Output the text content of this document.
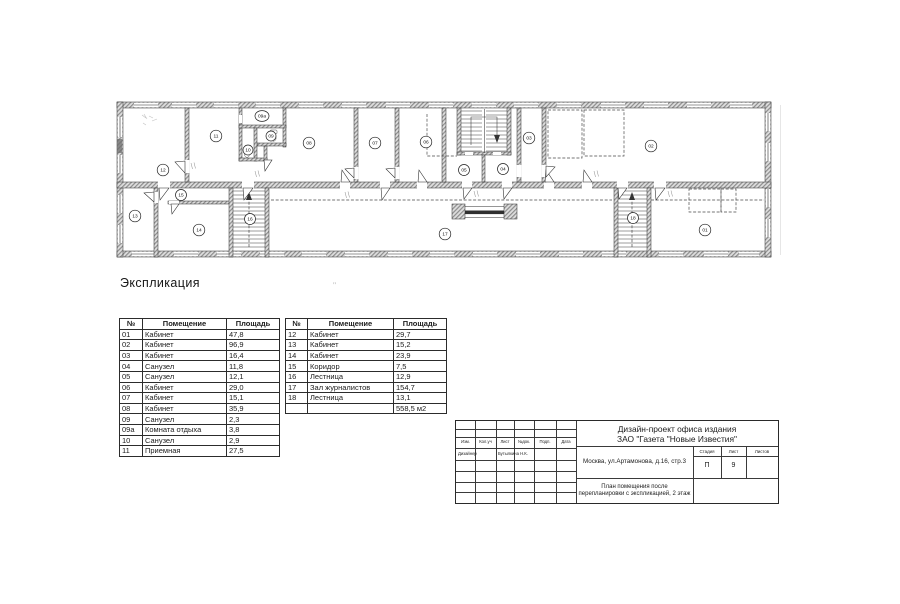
12
11
09а
09
10
08	07	06
05	04
03
02
13
15
14
16
17
18
01
Экспликация	ʼʼ
№	Помещение	Площадь
01	Кабинет	47,8
02	Кабинет	96,9
03	Кабинет	16,4
04	Санузел	11,8
05	Санузел	12,1
06	Кабинет	29,0
07	Кабинет	15,1
08	Кабинет	35,9
09	Санузел	2,3
09а	Комната отдыха	3,8
10	Санузел	2,9
11	Приемная	27,5
№	Помещение	Площадь
12	Кабинет	29,7
13	Кабинет	15,2
14	Кабинет	23,9
15	Коридор	7,5
16	Лестница	12,9
17	Зал журналистов	154,7
18	Лестница	13,1
		558,5 м2
Изм.	Кол.уч	Лист	№док.	Подп.	Дата
Дизайнер	Бутылкина Н.К.
Дизайн-проект офиса издания
ЗАО "Газета "Новые Известия"
Москва, ул.Артамонова, д.16, стр.3
Стадия	Лист	Листов
П	9
План помещения после перепланировки с экспликацией, 2 этаж
